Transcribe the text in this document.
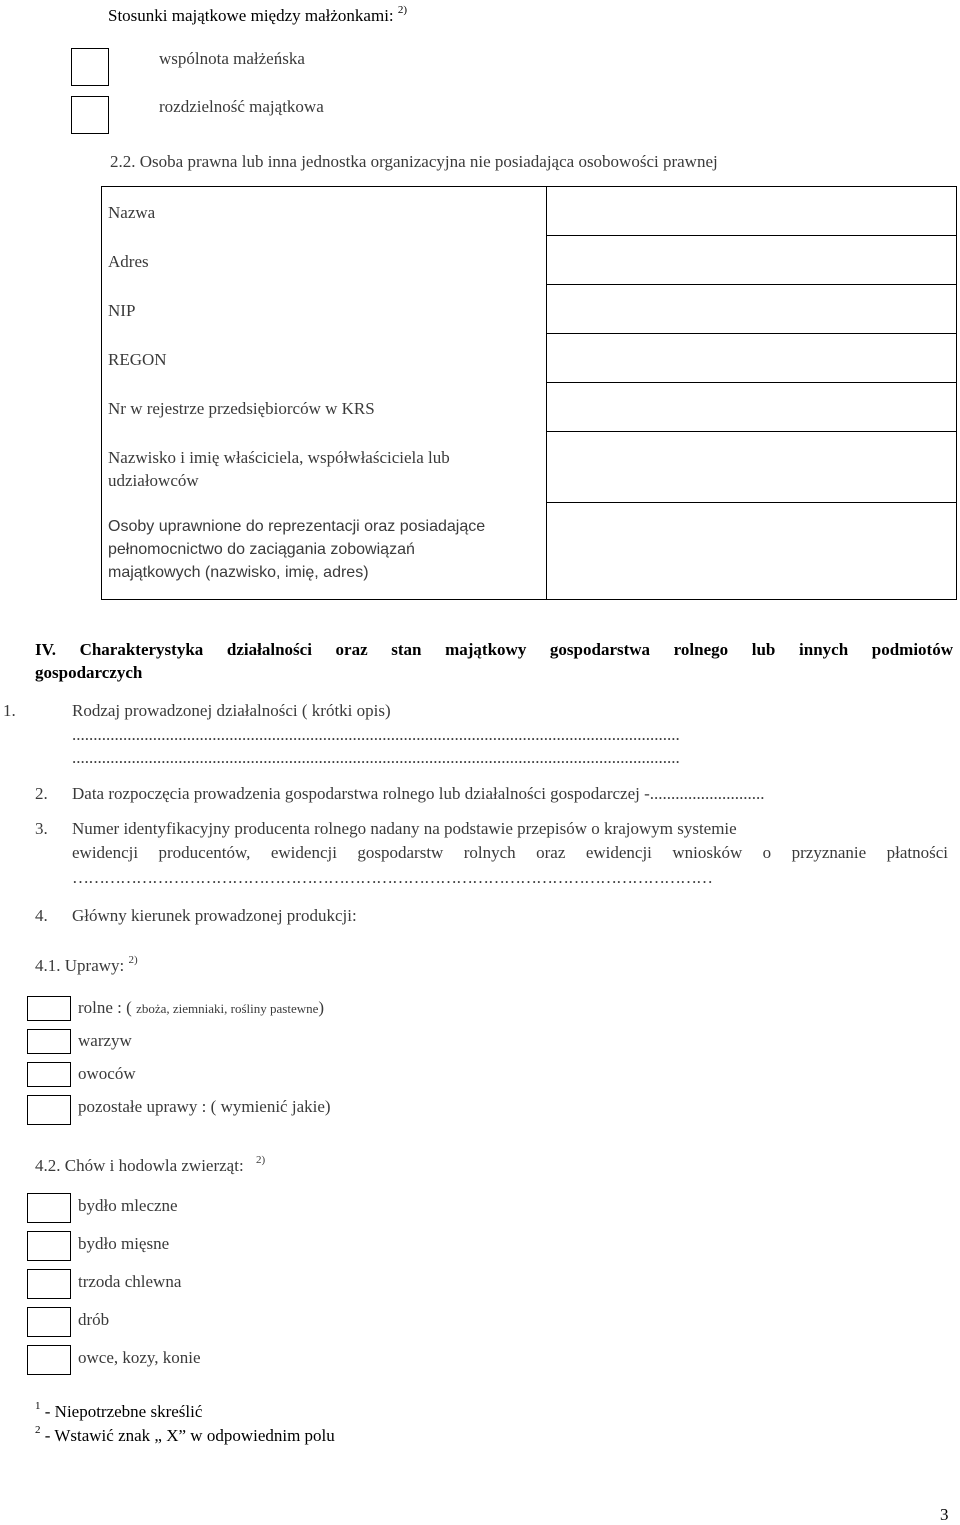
Stosunki majątkowe między małżonkami: $^{2)}$
wspólnota małżeńska
rozdzielność majątkowa
2.2. Osoba prawna lub inna jednostka organizacyjna nie posiadająca osobowości prawnej
Nazwa	
Adres	
NIP	
REGON	
Nr w rejestrze przedsiębiorców w KRS	
Nazwisko i imię właściciela, współwłaściciela lub udziałowców	
Osoby uprawnione do reprezentacji oraz posiadające pełnomocnictwo do zaciągania zobowiązań majątkowych (nazwisko, imię, adres)	
IV. Charakterystyka działalności oraz stan majątkowy gospodarstwa rolnego lub innych podmiotów
gospodarczych
1.	Rodzaj prowadzonej działalności ( krótki opis)
...............................................................................................................................................
...............................................................................................................................................
2. Data rozpoczęcia prowadzenia gospodarstwa rolnego lub działalności gospodarczej -...........................
3. Numer identyfikacyjny producenta rolnego nadany na podstawie przepisów o krajowym systemie
ewidencji producentów, ewidencji gospodarstw rolnych oraz ewidencji wniosków o przyznanie płatności
…………………………………………………………………………………………………………
4. Główny kierunek prowadzonej produkcji:
4.1. Uprawy: $^{2)}$
rolne : ( zboża, ziemniaki, rośliny pastewne)
warzyw
owoców
pozostałe uprawy : ( wymienić jakie)
4.2. Chów i hodowla zwierząt: $^{2)}$
bydło mleczne
bydło mięsne
trzoda chlewna
drób
owce, kozy, konie
$^1$ - Niepotrzebne skreślić
$^2$ - Wstawić znak „ X” w odpowiednim polu
3
